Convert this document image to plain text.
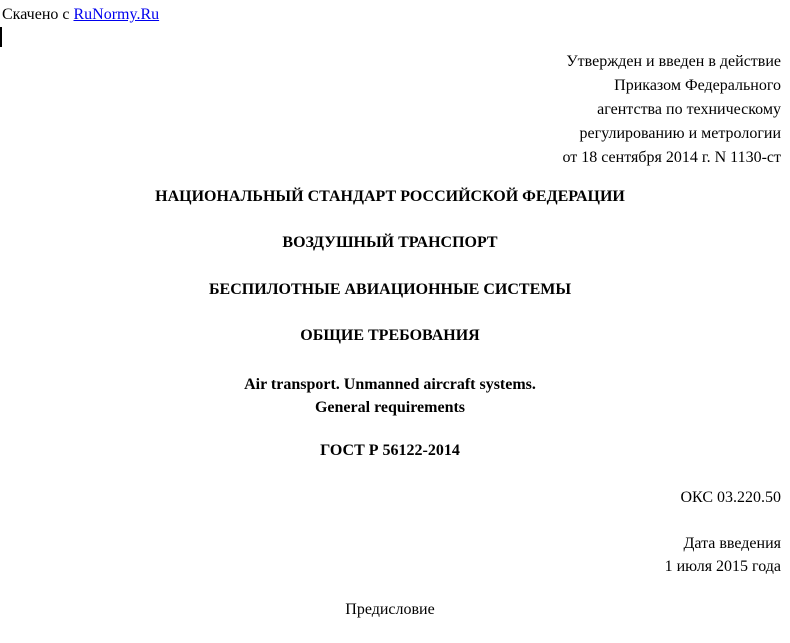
Скачено с RuNormy.Ru
Утвержден и введен в действие
Приказом Федерального
агентства по техническому
регулированию и метрологии
от 18 сентября 2014 г. N 1130-ст
НАЦИОНАЛЬНЫЙ СТАНДАРТ РОССИЙСКОЙ ФЕДЕРАЦИИ
ВОЗДУШНЫЙ ТРАНСПОРТ
БЕСПИЛОТНЫЕ АВИАЦИОННЫЕ СИСТЕМЫ
ОБЩИЕ ТРЕБОВАНИЯ
Air transport. Unmanned aircraft systems.
General requirements
ГОСТ Р 56122-2014
ОКС 03.220.50
Дата введения
1 июля 2015 года
Предисловие
